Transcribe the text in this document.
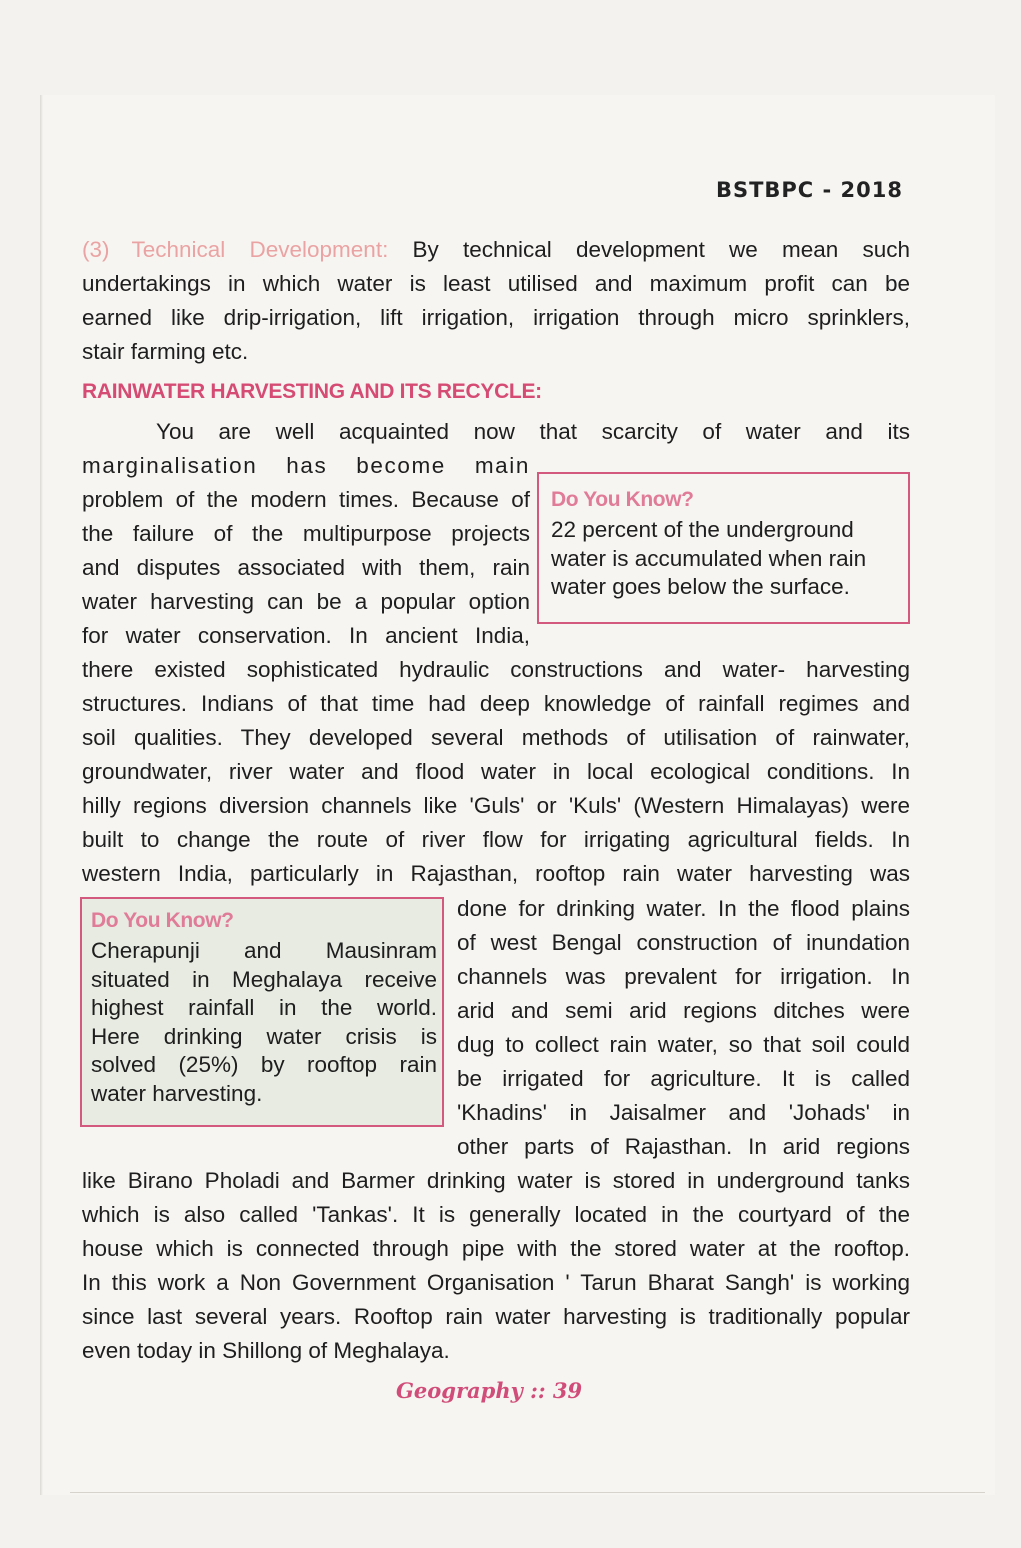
BSTBPC - 2018
(3) Technical Development: By technical development we mean such
undertakings in which water is least utilised and maximum profit can be
earned like drip-irrigation, lift irrigation, irrigation through micro sprinklers,
stair farming etc.
RAINWATER HARVESTING AND ITS RECYCLE:
You are well acquainted now that scarcity of water and its
marginalisation has become main
problem of the modern times. Because of
the failure of the multipurpose projects
and disputes associated with them, rain
water harvesting can be a popular option
for water conservation. In ancient India,
Do You Know?
22 percent of the underground
water is accumulated when rain
water goes below the surface.
there existed sophisticated hydraulic constructions and water- harvesting
structures. Indians of that time had deep knowledge of rainfall regimes and
soil qualities. They developed several methods of utilisation of rainwater,
groundwater, river water and flood water in local ecological conditions. In
hilly regions diversion channels like 'Guls' or 'Kuls' (Western Himalayas) were
built to change the route of river flow for irrigating agricultural fields. In
western India, particularly in Rajasthan, rooftop rain water harvesting was
Do You Know?
Cherapunji and Mausinram
situated in Meghalaya receive
highest rainfall in the world.
Here drinking water crisis is
solved (25%) by rooftop rain
water harvesting.
done for drinking water. In the flood plains
of west Bengal construction of inundation
channels was prevalent for irrigation. In
arid and semi arid regions ditches were
dug to collect rain water, so that soil could
be irrigated for agriculture. It is called
'Khadins' in Jaisalmer and 'Johads' in
other parts of Rajasthan. In arid regions
like Birano Pholadi and Barmer drinking water is stored in underground tanks
which is also called 'Tankas'. It is generally located in the courtyard of the
house which is connected through pipe with the stored water at the rooftop.
In this work a Non Government Organisation ' Tarun Bharat Sangh' is working
since last several years. Rooftop rain water harvesting is traditionally popular
even today in Shillong of Meghalaya.
Geography :: 39
